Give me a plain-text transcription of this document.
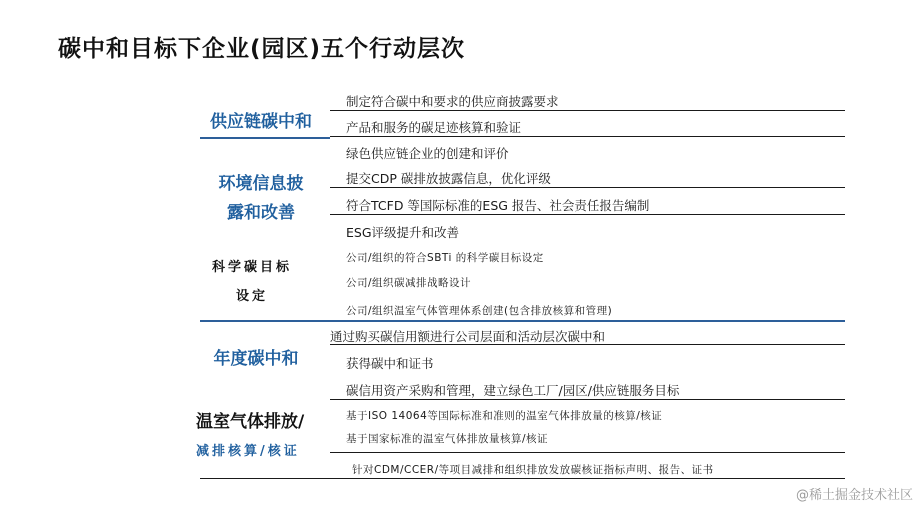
碳中和目标下企业(园区)五个行动层次
供应链碳中和
环境信息披
露和改善
科学碳目标
设定
年度碳中和
温室气体排放/
减排核算/核证
制定符合碳中和要求的供应商披露要求
产品和服务的碳足迹核算和验证
绿色供应链企业的创建和评价
提交CDP 碳排放披露信息，优化评级
符合TCFD 等国际标准的ESG 报告、社会责任报告编制
ESG评级提升和改善
公司/组织的符合SBTi 的科学碳目标设定
公司/组织碳减排战略设计
公司/组织温室气体管理体系创建(包含排放核算和管理)
通过购买碳信用额进行公司层面和活动层次碳中和
获得碳中和证书
碳信用资产采购和管理，建立绿色工厂/园区/供应链服务目标
基于ISO 14064等国际标准和准则的温室气体排放量的核算/核证
基于国家标准的温室气体排放量核算/核证
针对CDM/CCER/等项目减排和组织排放发放碳核证指标声明、报告、证书
@稀土掘金技术社区
